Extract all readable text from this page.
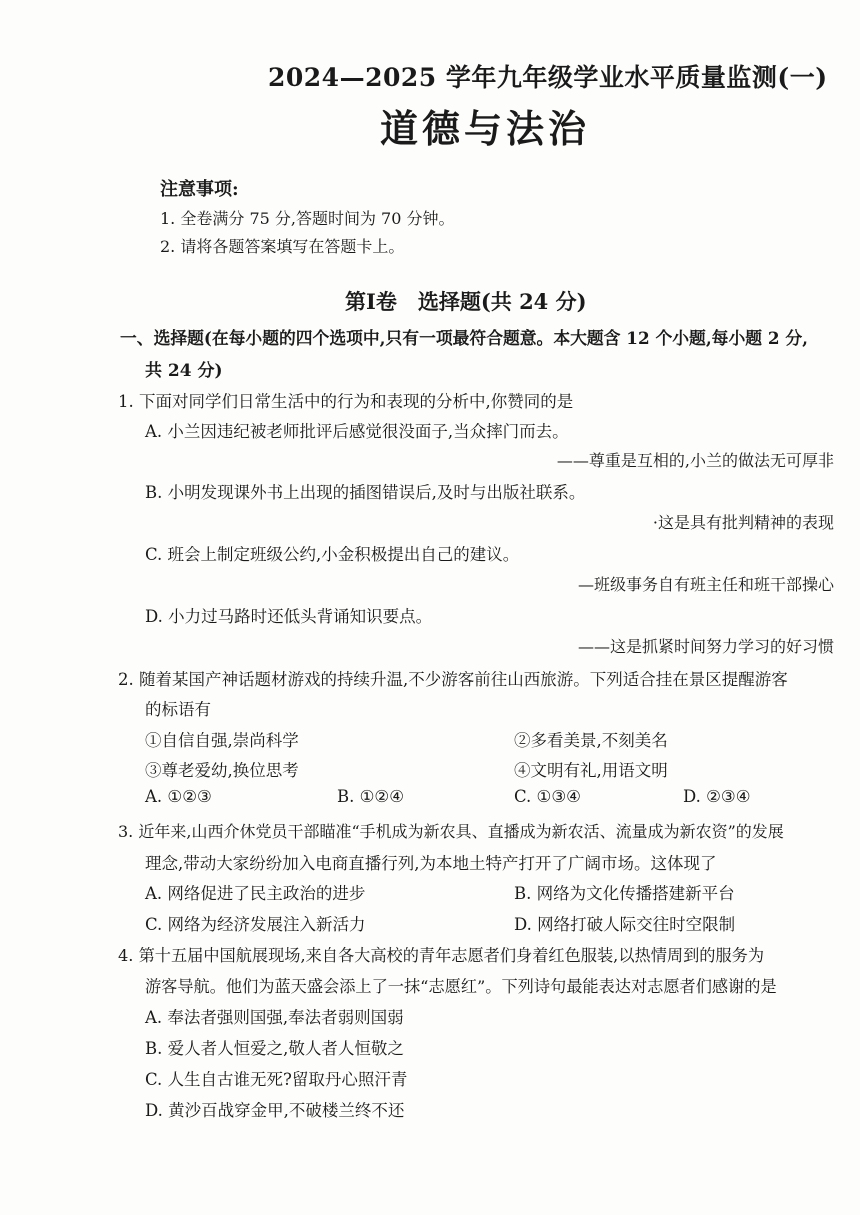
2024—2025 学年九年级学业水平质量监测(一)
道德与法治
注意事项:
1. 全卷满分 75 分,答题时间为 70 分钟。
2. 请将各题答案填写在答题卡上。
第Ⅰ卷　选择题(共 24 分)
一、选择题(在每小题的四个选项中,只有一项最符合题意。本大题含 12 个小题,每小题 2 分,
共 24 分)
1. 下面对同学们日常生活中的行为和表现的分析中,你赞同的是
A. 小兰因违纪被老师批评后感觉很没面子,当众摔门而去。
——尊重是互相的,小兰的做法无可厚非
B. 小明发现课外书上出现的插图错误后,及时与出版社联系。
·这是具有批判精神的表现
C. 班会上制定班级公约,小金积极提出自己的建议。
—班级事务自有班主任和班干部操心
D. 小力过马路时还低头背诵知识要点。
——这是抓紧时间努力学习的好习惯
2. 随着某国产神话题材游戏的持续升温,不少游客前往山西旅游。下列适合挂在景区提醒游客
的标语有
①自信自强,崇尚科学	②多看美景,不刻美名
③尊老爱幼,换位思考	④文明有礼,用语文明
A. ①②③	B. ①②④	C. ①③④	D. ②③④
3. 近年来,山西介休党员干部瞄准“手机成为新农具、直播成为新农活、流量成为新农资”的发展
理念,带动大家纷纷加入电商直播行列,为本地土特产打开了广阔市场。这体现了
A. 网络促进了民主政治的进步	B. 网络为文化传播搭建新平台
C. 网络为经济发展注入新活力	D. 网络打破人际交往时空限制
4. 第十五届中国航展现场,来自各大高校的青年志愿者们身着红色服装,以热情周到的服务为
游客导航。他们为蓝天盛会添上了一抹“志愿红”。下列诗句最能表达对志愿者们感谢的是
A. 奉法者强则国强,奉法者弱则国弱
B. 爱人者人恒爱之,敬人者人恒敬之
C. 人生自古谁无死?留取丹心照汗青
D. 黄沙百战穿金甲,不破楼兰终不还
